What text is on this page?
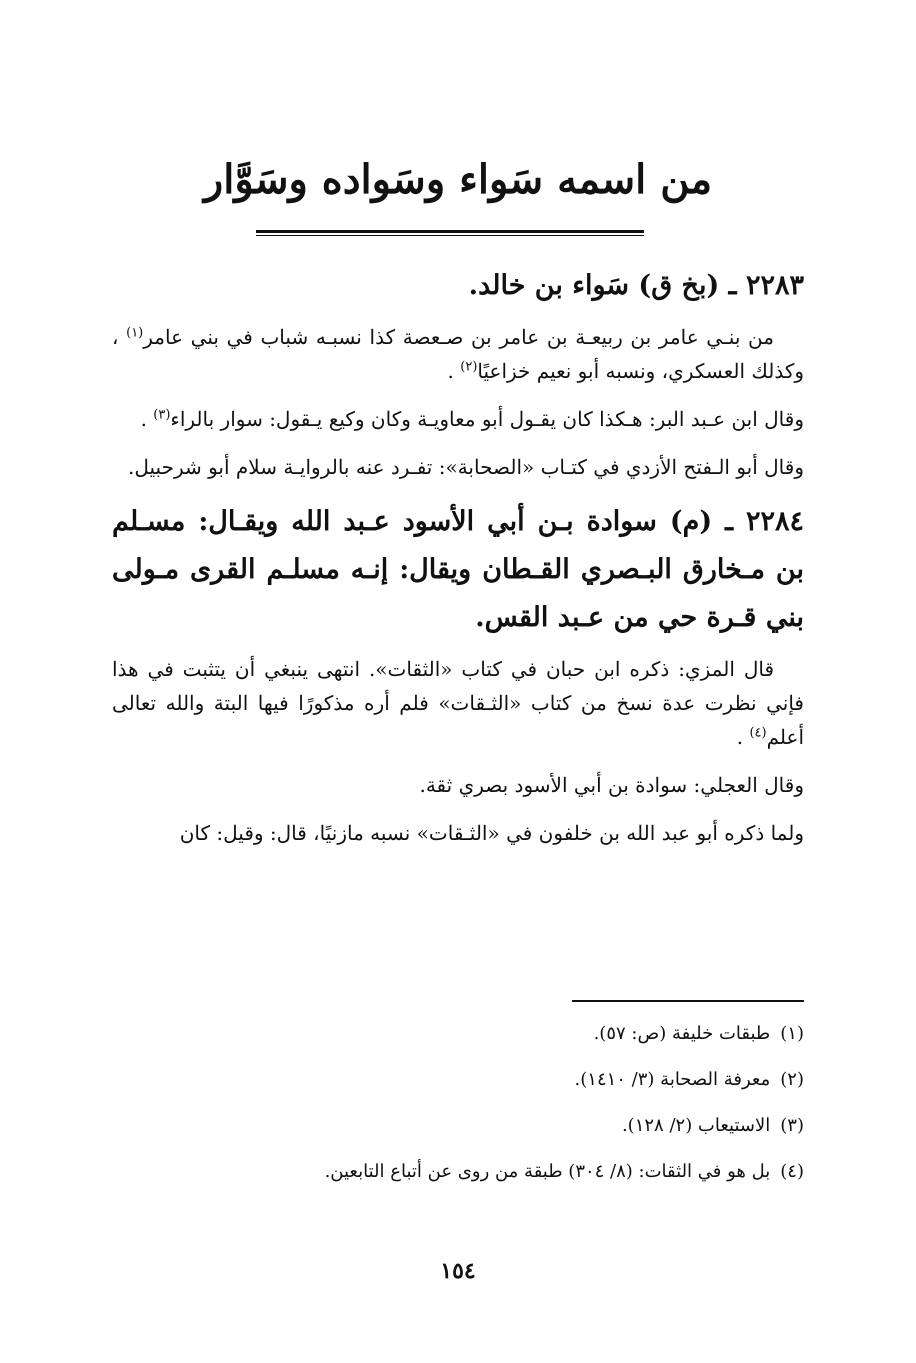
من اسمه سَواء وسَواده وسَوَّار

٢٢٨٣ ـ (بخ ق) سَواء بن خالد.

من بنـي عامر بن ربيعـة بن عامر بن صـعصة كذا نسبـه شباب في بني عامر$^{(١)}$ ، وكذلك العسكري، ونسبه أبو نعيم خزاعيًا$^{(٢)}$ .

وقال ابن عـبد البر: هـكذا كان يقـول أبو معاويـة وكان وكيع يـقول: سوار بالراء$^{(٣)}$ .

وقال أبو الـفتح الأزدي في كتـاب «الصحابة»: تفـرد عنه بالروايـة سلام أبو شرحبيل.

٢٢٨٤ ـ (م) سوادة بـن أبي الأسود عـبد الله ويقـال: مسـلم بن مـخارق البـصري القـطان ويقال: إنـه مسلـم القرى مـولى بني قـرة حي من عـبد القس.

قال المزي: ذكره ابن حبان في كتاب «الثقات». انتهى ينبغي أن يتثبت في هذا فإني نظرت عدة نسخ من كتاب «الثـقات» فلم أره مذكورًا فيها البتة والله تعالى أعلم$^{(٤)}$ .

وقال العجلي: سوادة بن أبي الأسود بصري ثقة.

ولما ذكره أبو عبد الله بن خلفون في «الثـقات» نسبه مازنيًا، قال: وقيل: كان

(١)طبقات خليفة (ص: ٥٧).
(٢)معرفة الصحابة (٣/ ١٤١٠).
(٣)الاستيعاب (٢/ ١٢٨).
(٤)بل هو في الثقات: (٨/ ٣٠٤) طبقة من روى عن أتباع التابعين.
١٥٤
